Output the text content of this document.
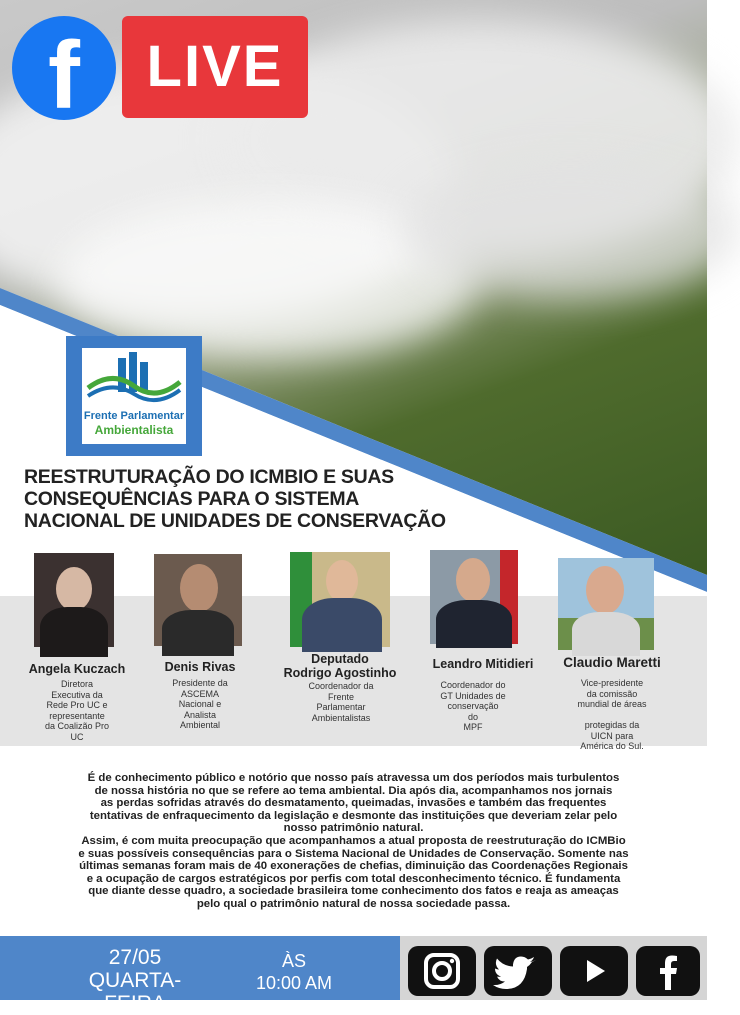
f	LIVE
Frente Parlamentar
Ambientalista
REESTRUTURAÇÃO DO ICMBIO E SUAS
CONSEQUÊNCIAS PARA O SISTEMA
NACIONAL DE UNIDADES DE CONSERVAÇÃO
Angela Kuczach
Diretora
Executiva da
Rede Pro UC e
representante
da Coalizão Pro
UC
Denis Rivas
Presidente da
ASCEMA
Nacional e
Analista
Ambiental
Deputado
Rodrigo Agostinho
Coordenador da
Frente
Parlamentar
Ambientalistas
Leandro Mitidieri
Coordenador do
GT Unidades de
conservação
do
MPF
Claudio Maretti
Vice-presidente
da comissão
mundial de áreas
protegidas da
UICN para
América do Sul.

É de conhecimento público e notório que nosso país atravessa um dos períodos mais turbulentos

de nossa história no que se refere ao tema ambiental. Dia após dia, acompanhamos nos jornais

as perdas sofridas através do desmatamento, queimadas, invasões e também das frequentes

tentativas de enfraquecimento da legislação e desmonte das instituições que deveriam zelar pelo

nosso patrimônio natural.

Assim, é com muita preocupação que acompanhamos a atual proposta de reestruturação do ICMBio

e suas possíveis consequências para o Sistema Nacional de Unidades de Conservação. Somente nas

últimas semanas foram mais de 40 exonerações de chefias, diminuição das Coordenações Regionais

e a ocupação de cargos estratégicos por perfis com total desconhecimento técnico. É fundamenta

que diante desse quadro, a sociedade brasileira tome conhecimento dos fatos e reaja as ameaças

pelo qual o patrimônio natural de nossa sociedade passa.

27/05
QUARTA-FEIRA
ÀS
10:00 AM
